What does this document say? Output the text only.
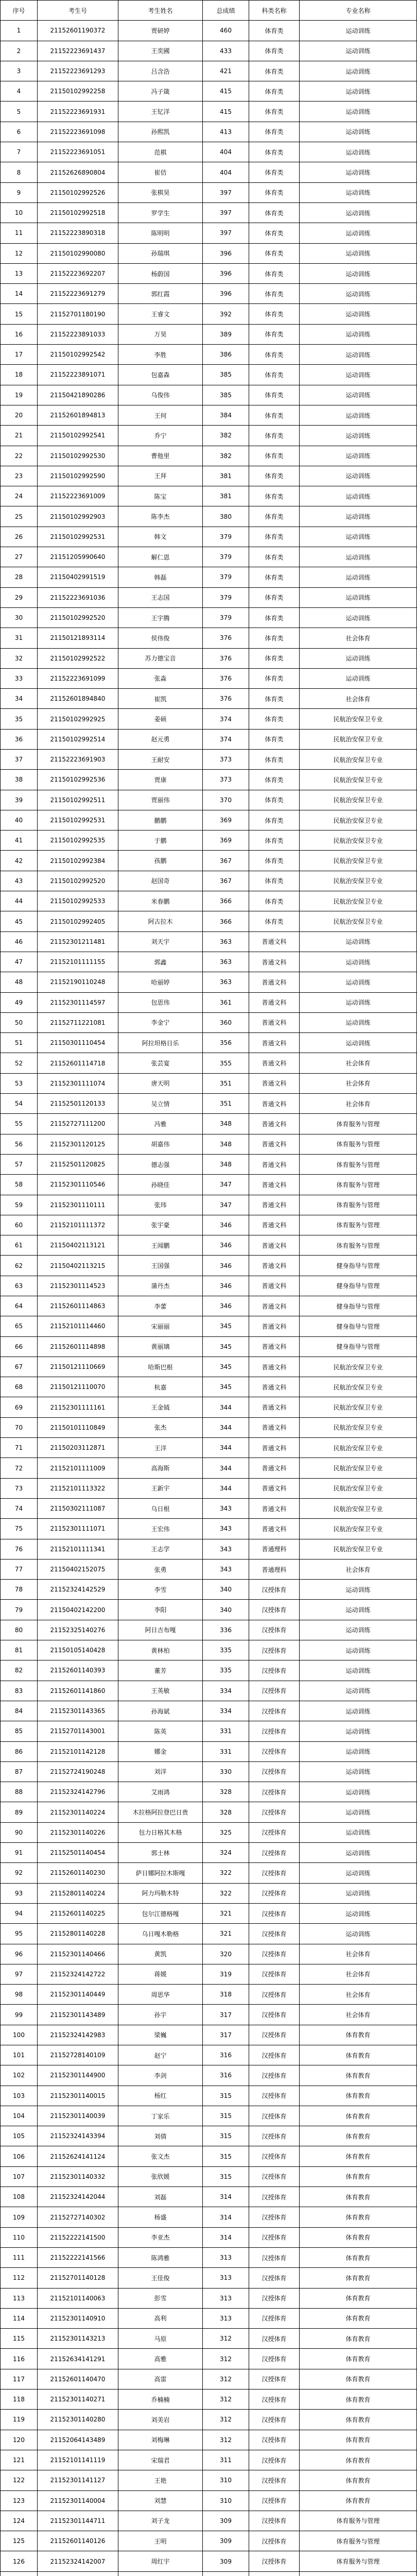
序号	考生号	考生姓名	总成绩	科类名称	专业名称
1	21152601190372	贾研婷	460	体育类	运动训练
2	21152223691437	王奕國	433	体育类	运动训练
3	21152223691293	吕含浩	421	体育类	运动训练
4	21150102992258	冯子箴	415	体育类	运动训练
5	21152223691931	王钇洋	415	体育类	运动训练
6	21152223691098	孙熙凯	413	体育类	运动训练
7	21152223691051	范棋	404	体育类	运动训练
8	21152626890804	崔佶	404	体育类	运动训练
9	21150102992526	张棋昊	397	体育类	运动训练
10	21150102992518	罗学生	397	体育类	运动训练
11	21152223890318	陈明明	397	体育类	运动训练
12	21150102990080	孙瑞琪	396	体育类	运动训练
13	21152223692207	杨蔚国	396	体育类	运动训练
14	21152223691279	郭红霞	396	体育类	运动训练
15	21152701180190	王睿文	392	体育类	运动训练
16	21152223891033	万昊	389	体育类	运动训练
17	21150102992542	李胜	386	体育类	运动训练
18	21152223891071	包嘉森	385	体育类	运动训练
19	21150421890286	乌俊伟	385	体育类	运动训练
20	21152601894813	王何	384	体育类	运动训练
21	21150102992541	乔宁	382	体育类	运动训练
22	21150102992530	曹他里	382	体育类	运动训练
23	21150102992590	王拜	381	体育类	运动训练
24	21152223691009	陈宝	381	体育类	运动训练
25	21150102992903	陈李杰	380	体育类	运动训练
26	21150102992531	韩文	379	体育类	运动训练
27	21151205990640	解仁恩	379	体育类	运动训练
28	21150402991519	韩磊	379	体育类	运动训练
29	21152223691036	王志国	379	体育类	运动训练
30	21150102992520	王宇腾	379	体育类	运动训练
31	21150121893114	侯伟俊	376	体育类	社会体育
32	21150102992522	苏力德宝音	376	体育类	运动训练
33	21152223691099	张淼	376	体育类	运动训练
34	21152601894840	崔凯	376	体育类	社会体育
35	21150102992925	姜硕	374	体育类	民航治安保卫专业
36	21150102992514	赵元勇	374	体育类	民航治安保卫专业
37	21152223691903	王耐安	373	体育类	民航治安保卫专业
38	21150102992536	贾康	373	体育类	民航治安保卫专业
39	21150102992511	贾丽伟	370	体育类	民航治安保卫专业
40	21150102992531	鹏鹏	369	体育类	民航治安保卫专业
41	21150102992535	于鹏	369	体育类	民航治安保卫专业
42	21150102992384	孩鹏	367	体育类	民航治安保卫专业
43	21150102992520	赵国奇	367	体育类	民航治安保卫专业
44	21150102992533	米春鹏	366	体育类	民航治安保卫专业
45	21150102992405	阿古拉木	366	体育类	民航治安保卫专业
46	21152301211481	刘天宇	363	普通文科	运动训练
47	21152101111155	郭鑫	363	普通文科	运动训练
48	21152190110248	哈丽婷	363	普通文科	运动训练
49	21152301114597	包思伟	361	普通文科	运动训练
50	21152711221081	李金宁	360	普通文科	运动训练
51	21150301110454	阿拉坦格日乐	356	普通文科	运动训练
52	21152601114718	张芸宴	355	普通文科	社会体育
53	21152301111074	唐天明	351	普通文科	社会体育
54	21152501120133	吴立情	351	普通文科	社会体育
55	21152727111200	冯雅	348	普通文科	体育服务与管理
56	21152301120125	胡嘉伟	348	普通文科	体育服务与管理
57	21152501120825	德志强	348	普通文科	体育服务与管理
58	21152301110546	孙晓佳	347	普通文科	体育服务与管理
59	21152301110111	张玮	347	普通文科	体育服务与管理
60	21152101111372	张宇豪	346	普通文科	体育服务与管理
61	21150402113121	王闻鹏	346	普通文科	体育服务与管理
62	21150402113215	王国强	346	普通文科	健身指导与管理
63	21152301114523	蒲丹杰	346	普通文科	健身指导与管理
64	21152601114863	李蕾	346	普通文科	健身指导与管理
65	21152101114460	宋丽丽	345	普通文科	健身指导与管理
66	21152601114898	黄丽璃	345	普通文科	健身指导与管理
67	21150121110669	哈斯巴根	345	普通文科	民航治安保卫专业
68	21150121110070	杭嘉	345	普通文科	民航治安保卫专业
69	21152301111161	王金钺	344	普通文科	民航治安保卫专业
70	21150101110849	张杰	344	普通文科	民航治安保卫专业
71	21150203112871	王洋	344	普通文科	民航治安保卫专业
72	21152101111009	高海斯	344	普通文科	民航治安保卫专业
73	21152101113322	王新宇	344	普通文科	民航治安保卫专业
74	21150302111087	乌日根	343	普通文科	民航治安保卫专业
75	21152301111071	王宏伟	343	普通文科	民航治安保卫专业
76	21152101111341	王志学	343	普通理科	民航治安保卫专业
77	21150402152075	张勇	343	普通理科	社会体育
78	21152324142529	李雪	340	汉授体育	运动训练
79	21150402142200	李阳	340	汉授体育	运动训练
80	21152325140276	阿日吉布嘎	336	汉授体育	运动训练
81	21150105140428	黄林柏	335	汉授体育	运动训练
82	21152601140393	董芳	335	汉授体育	运动训练
83	21152601141860	王英敏	334	汉授体育	运动训练
84	21152301143365	孙海斌	334	汉授体育	运动训练
85	21152701143001	陈英	331	汉授体育	运动训练
86	21152101142128	娜金	331	汉授体育	运动训练
87	21152724190248	刘洋	330	汉授体育	运动训练
88	21152324142796	艾雨鸿	328	汉授体育	运动训练
89	21152301140224	木拉格阿拉登巴日贵	328	汉授体育	运动训练
90	21152301140226	包力日格其木格	325	汉授体育	运动训练
91	21152501140454	郭士林	324	汉授体育	运动训练
92	21152601140230	萨日娜阿拉木斯嘎	322	汉授体育	运动训练
93	21152801140224	阿力玛勒木特	322	汉授体育	运动训练
94	21152601140225	包尔江德格嘎	321	汉授体育	运动训练
95	21152801140228	乌日嘎木勒格	321	汉授体育	运动训练
96	21152301140466	黄凯	320	汉授体育	社会体育
97	21152324142722	蒋媛	319	汉授体育	社会体育
98	21152301140449	周思华	318	汉授体育	社会体育
99	21152301143489	孙宇	317	汉授体育	社会体育
100	21152324142983	梁巍	317	汉授体育	体育教育
101	21152728140109	赵宁	316	汉授体育	体育教育
102	21152301144900	李剑	316	汉授体育	体育教育
103	21152301140015	杨红	315	汉授体育	体育教育
104	21152301140039	丁家乐	315	汉授体育	体育教育
105	21152324143394	刘倩	315	汉授体育	体育教育
106	21152624141124	张文杰	315	汉授体育	体育教育
107	21152301140332	张欣媛	315	汉授体育	体育教育
108	21152324142044	刘磊	314	汉授体育	体育教育
109	21152727140302	杨盛	314	汉授体育	体育教育
110	21152222141500	李亚杰	314	汉授体育	体育教育
111	21152222141566	陈鸿雅	313	汉授体育	体育教育
112	21152701140128	王佳俊	313	汉授体育	体育教育
113	21152101140063	彭雪	313	汉授体育	体育教育
114	21152301140910	高利	313	汉授体育	体育教育
115	21152301143213	马原	312	汉授体育	体育教育
116	21152634141291	高雅	312	汉授体育	体育教育
117	21152601140470	高雷	312	汉授体育	体育教育
118	21152301140271	乔楠楠	312	汉授体育	体育教育
119	21152301140280	刘美岩	312	汉授体育	体育教育
120	21152064143489	刘梅琳	312	汉授体育	体育教育
121	21152101141119	宋瑞君	311	汉授体育	体育教育
122	21152301141127	王艳	310	汉授体育	体育教育
123	21152301140004	刘慧	310	汉授体育	体育教育
124	21152301144711	刘子龙	309	汉授体育	体育服务与管理
125	21152601140126	王明	309	汉授体育	体育服务与管理
126	21152324142007	周红宇	309	汉授体育	体育服务与管理
